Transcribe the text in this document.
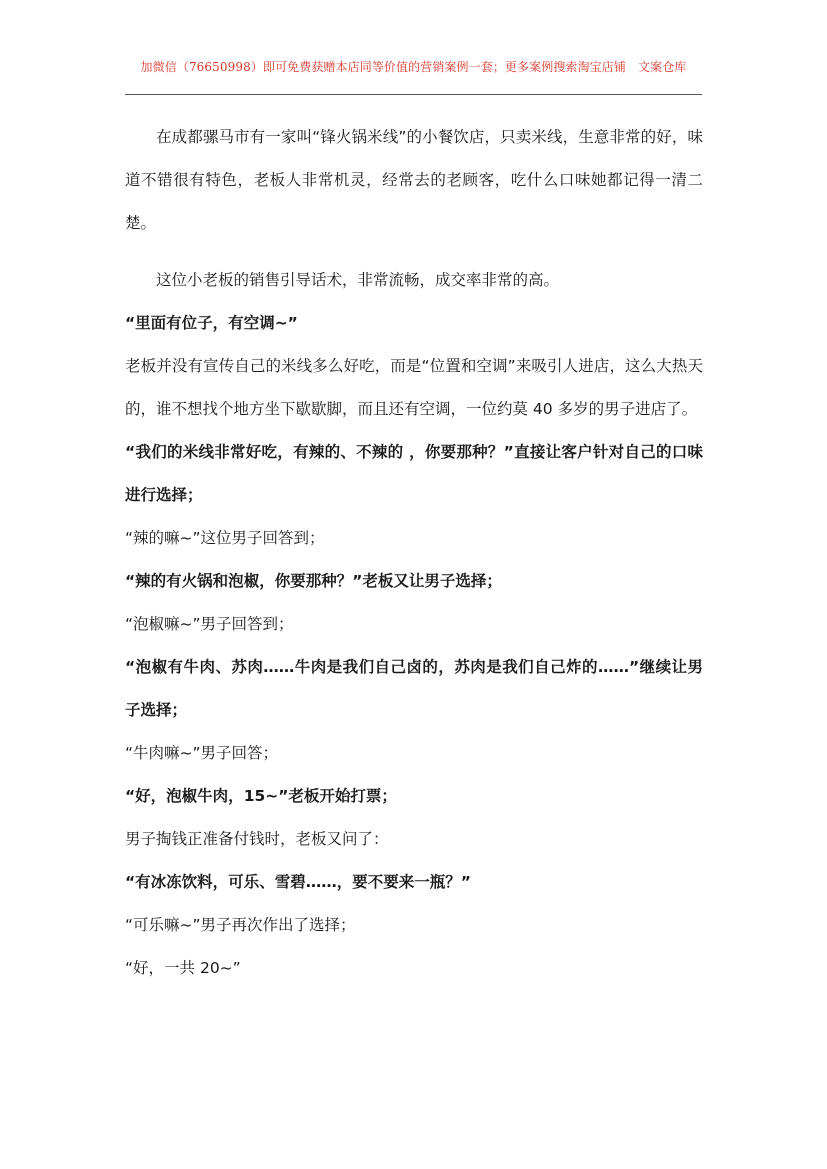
加微信（76650998）即可免费获赠本店同等价值的营销案例一套；更多案例搜索淘宝店铺　文案仓库

在成都骡马市有一家叫“锋火锅米线”的小餐饮店，只卖米线，生意非常的好，味道不错很有特色，老板人非常机灵，经常去的老顾客，吃什么口味她都记得一清二楚。

这位小老板的销售引导话术，非常流畅，成交率非常的高。

“里面有位子，有空调~”

老板并没有宣传自己的米线多么好吃，而是“位置和空调”来吸引人进店，这么大热天的，谁不想找个地方坐下歇歇脚，而且还有空调，一位约莫 40 多岁的男子进店了。

“我们的米线非常好吃，有辣的、不辣的 ，你要那种？”直接让客户针对自己的口味进行选择；

“辣的嘛~”这位男子回答到；

“辣的有火锅和泡椒，你要那种？”老板又让男子选择；

“泡椒嘛~”男子回答到；

“泡椒有牛肉、苏肉……牛肉是我们自己卤的，苏肉是我们自己炸的……”继续让男子选择；

“牛肉嘛~”男子回答；

“好，泡椒牛肉，15~”老板开始打票；

男子掏钱正准备付钱时，老板又问了：

“有冰冻饮料，可乐、雪碧……，要不要来一瓶？”

“可乐嘛~”男子再次作出了选择；

“好，一共 20~”
